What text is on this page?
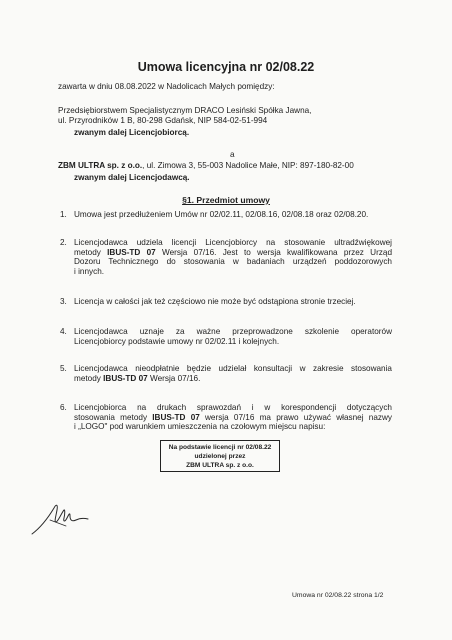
Umowa licencyjna nr 02/08.22
zawarta w dniu 08.08.2022 w Nadolicach Małych pomiędzy:
Przedsiębiorstwem Specjalistycznym DRACO Lesiński Spółka Jawna,
ul. Przyrodników 1 B, 80-298 Gdańsk, NIP 584-02-51-994
zwanym dalej Licencjobiorcą.
a
ZBM ULTRA sp. z o.o., ul. Zimowa 3, 55-003 Nadolice Małe, NIP: 897-180-82-00
zwanym dalej Licencjodawcą.
§1. Przedmiot umowy
1. Umowa jest przedłużeniem Umów nr 02/02.11, 02/08.16, 02/08.18 oraz 02/08.20.
2. Licencjodawca udziela licencji Licencjobiorcy na stosowanie ultradźwiękowej
metody IBUS-TD 07 Wersja 07/16. Jest to wersja kwalifikowana przez Urząd
Dozoru Technicznego do stosowania w badaniach urządzeń poddozorowych
i innych.
3. Licencja w całości jak też częściowo nie może być odstąpiona stronie trzeciej.
4. Licencjodawca uznaje za ważne przeprowadzone szkolenie operatorów
Licencjobiorcy podstawie umowy nr 02/02.11 i kolejnych.
5. Licencjodawca nieodpłatnie będzie udzielał konsultacji w zakresie stosowania
metody IBUS-TD 07 Wersja 07/16.
6. Licencjobiorca na drukach sprawozdań i w korespondencji dotyczących
stosowania metody IBUS-TD 07 wersja 07/16 ma prawo używać własnej nazwy
i „LOGO" pod warunkiem umieszczenia na czołowym miejscu napisu:
Na podstawie licencji nr 02/08.22
udzielonej przez
ZBM ULTRA sp. z o.o.
Umowa nr 02/08.22 strona 1/2
